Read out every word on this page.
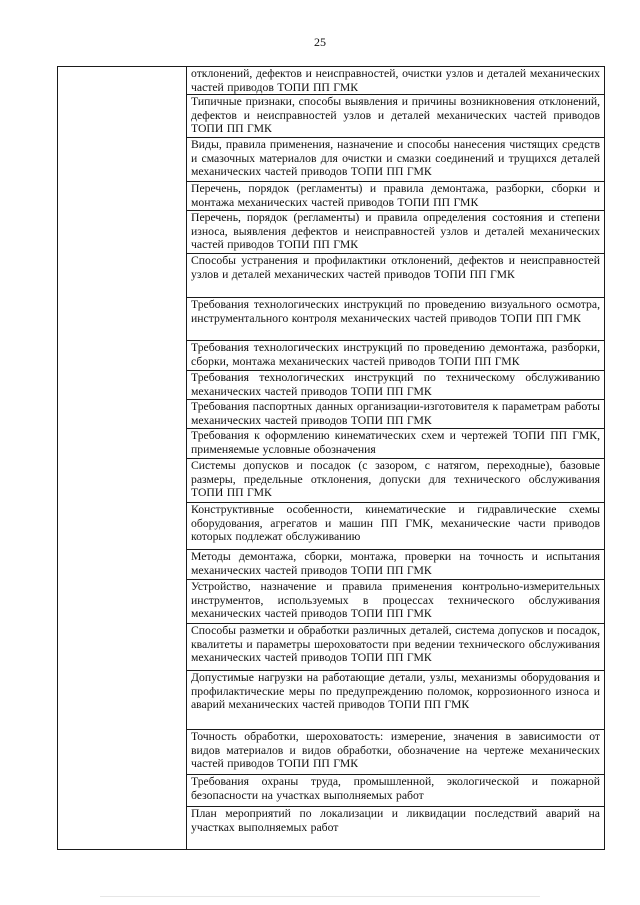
25

отклонений, дефектов и неисправностей, очистки узлов и деталей механических частей приводов ТОПИ ПП ГМК
Типичные признаки, способы выявления и причины возникновения отклонений, дефектов и неисправностей узлов и деталей механических частей приводов ТОПИ ПП ГМК
Виды, правила применения, назначение и способы нанесения чистящих средств и смазочных материалов для очистки и смазки соединений и трущихся деталей механических частей приводов ТОПИ ПП ГМК
Перечень, порядок (регламенты) и правила демонтажа, разборки, сборки и монтажа механических частей приводов ТОПИ ПП ГМК
Перечень, порядок (регламенты) и правила определения состояния и степени износа, выявления дефектов и неисправностей узлов и деталей механических частей приводов ТОПИ ПП ГМК
Способы устранения и профилактики отклонений, дефектов и неисправностей узлов и деталей механических частей приводов ТОПИ ПП ГМК
Требования технологических инструкций по проведению визуального осмотра, инструментального контроля механических частей приводов ТОПИ ПП ГМК
Требования технологических инструкций по проведению демонтажа, разборки, сборки, монтажа механических частей приводов ТОПИ ПП ГМК
Требования технологических инструкций по техническому обслуживанию механических частей приводов ТОПИ ПП ГМК
Требования паспортных данных организации-изготовителя к параметрам работы механических частей приводов ТОПИ ПП ГМК
Требования к оформлению кинематических схем и чертежей ТОПИ ПП ГМК, применяемые условные обозначения
Системы допусков и посадок (с зазором, с натягом, переходные), базовые размеры, предельные отклонения, допуски для технического обслуживания ТОПИ ПП ГМК
Конструктивные особенности, кинематические и гидравлические схемы оборудования, агрегатов и машин ПП ГМК, механические части приводов которых подлежат обслуживанию
Методы демонтажа, сборки, монтажа, проверки на точность и испытания механических частей приводов ТОПИ ПП ГМК
Устройство, назначение и правила применения контрольно-измерительных инструментов, используемых в процессах технического обслуживания механических частей приводов ТОПИ ПП ГМК
Способы разметки и обработки различных деталей, система допусков и посадок, квалитеты и параметры шероховатости при ведении технического обслуживания механических частей приводов ТОПИ ПП ГМК
Допустимые нагрузки на работающие детали, узлы, механизмы оборудования и профилактические меры по предупреждению поломок, коррозионного износа и аварий механических частей приводов ТОПИ ПП ГМК
Точность обработки, шероховатость: измерение, значения в зависимости от видов материалов и видов обработки, обозначение на чертеже механических частей приводов ТОПИ ПП ГМК
Требования охраны труда, промышленной, экологической и пожарной безопасности на участках выполняемых работ
План мероприятий по локализации и ликвидации последствий аварий на участках выполняемых работ
